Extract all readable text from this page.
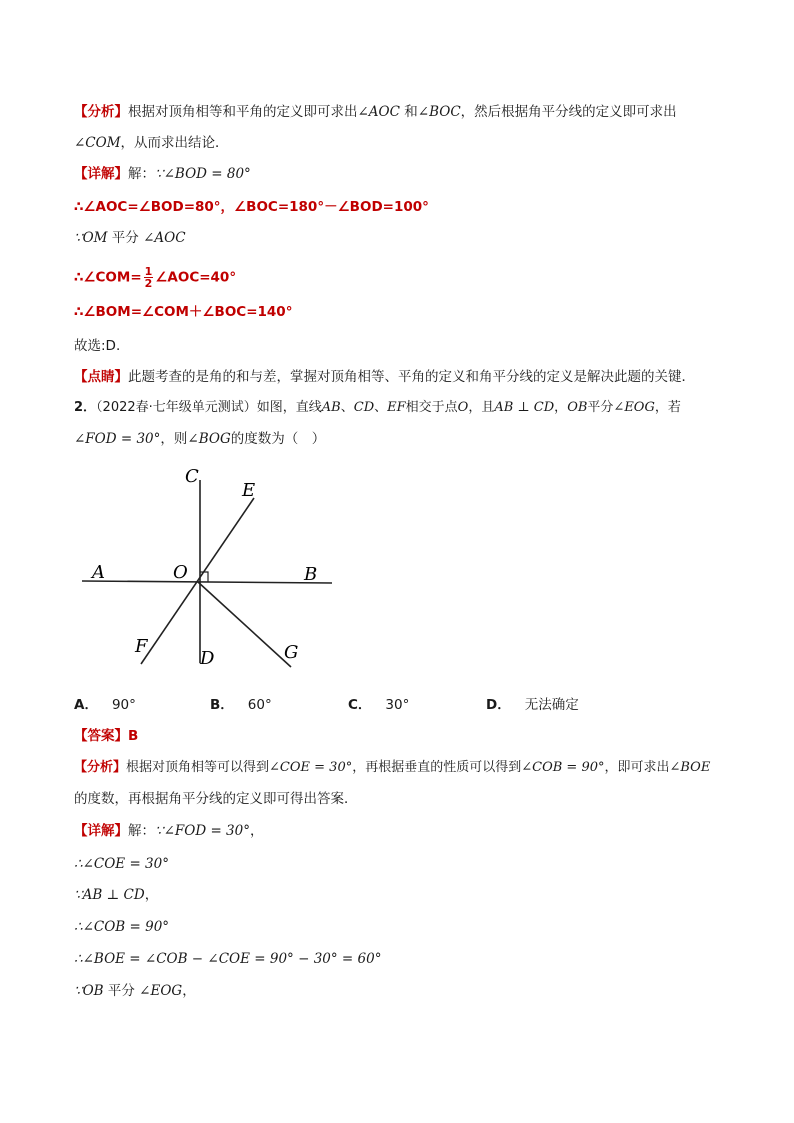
【分析】根据对顶角相等和平角的定义即可求出∠AOC 和∠BOC，然后根据角平分线的定义即可求出
∠COM，从而求出结论．
【详解】解：∵∠BOD = 80°
∴∠AOC=∠BOD=80°，∠BOC=180°－∠BOD=100°
∵OM 平分 ∠AOC
∴∠COM= $\frac{1}{2}$ ∠AOC=40°
∴∠BOM=∠COM＋∠BOC=140°
故选:D.
【点睛】此题考查的是角的和与差，掌握对顶角相等、平角的定义和角平分线的定义是解决此题的关键．
2．（2022春·七年级单元测试）如图，直线AB、CD、EF相交于点O，且AB ⊥ CD，OB平分∠EOG，若
∠FOD = 30°，则∠BOG的度数为（　）
C
E
A	O	B
F
D	G
A． 90°	B． 60°	C． 30°	D． 无法确定
【答案】B
【分析】根据对顶角相等可以得到∠COE = 30°，再根据垂直的性质可以得到∠COB = 90°，即可求出∠BOE
的度数，再根据角平分线的定义即可得出答案．
【详解】解：∵∠FOD = 30°，
∴∠COE = 30°
∵AB ⊥ CD，
∴∠COB = 90°
∴∠BOE = ∠COB − ∠COE = 90° − 30° = 60°
∵OB 平分 ∠EOG，
